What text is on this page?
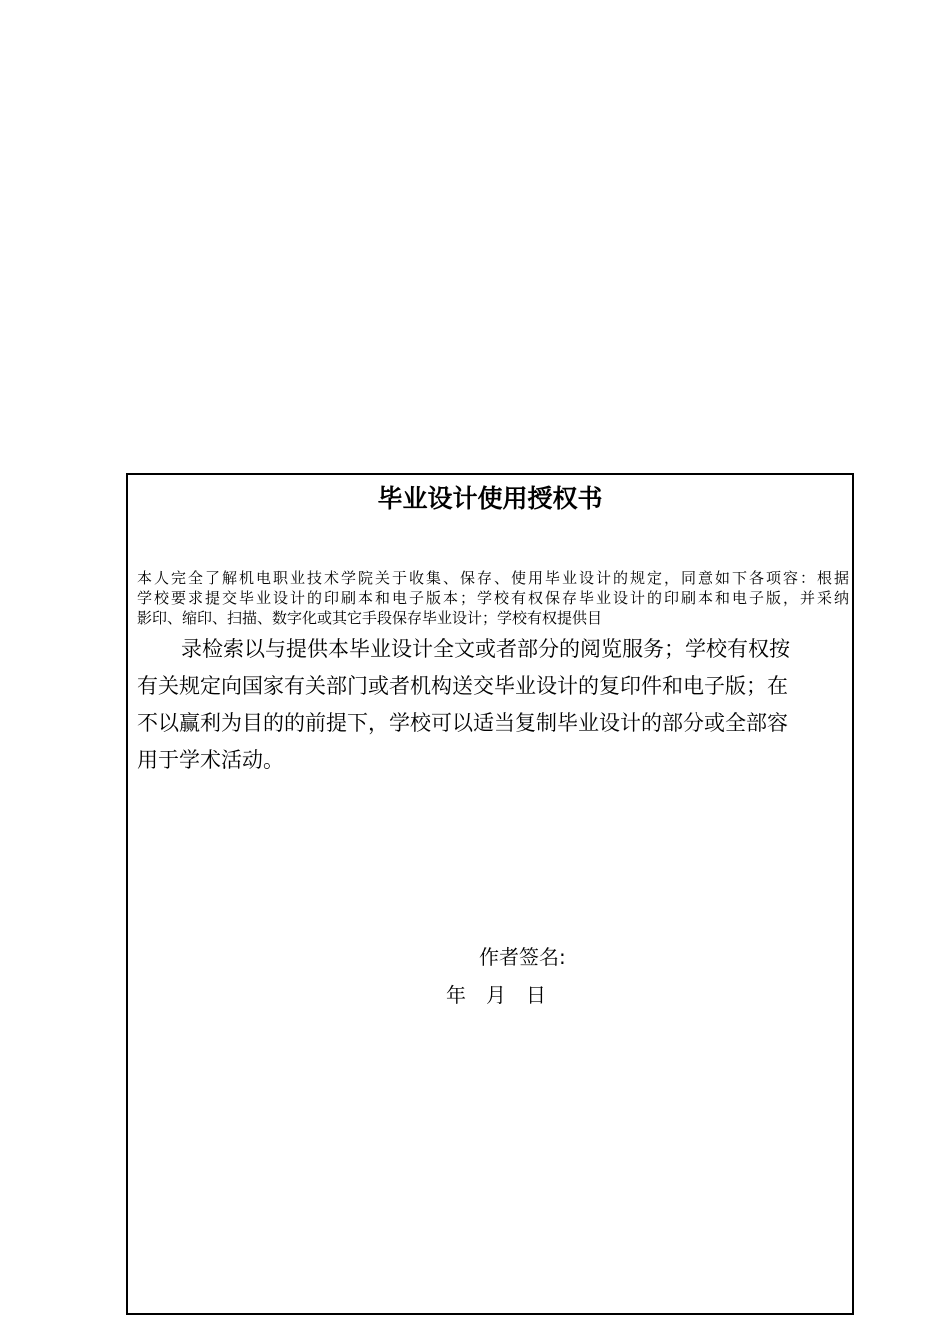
毕业设计使用授权书

本人完全了解机电职业技术学院关于收集、保存、使用毕业设计的规定，同意如下各项容：根据
学校要求提交毕业设计的印刷本和电子版本；学校有权保存毕业设计的印刷本和电子版，并采纳
影印、缩印、扫描、数字化或其它手段保存毕业设计；学校有权提供目

录检索以与提供本毕业设计全文或者部分的阅览服务；学校有权按
有关规定向国家有关部门或者机构送交毕业设计的复印件和电子版；在
不以赢利为目的的前提下，学校可以适当复制毕业设计的部分或全部容
用于学术活动。

作者签名:

年 月 日
